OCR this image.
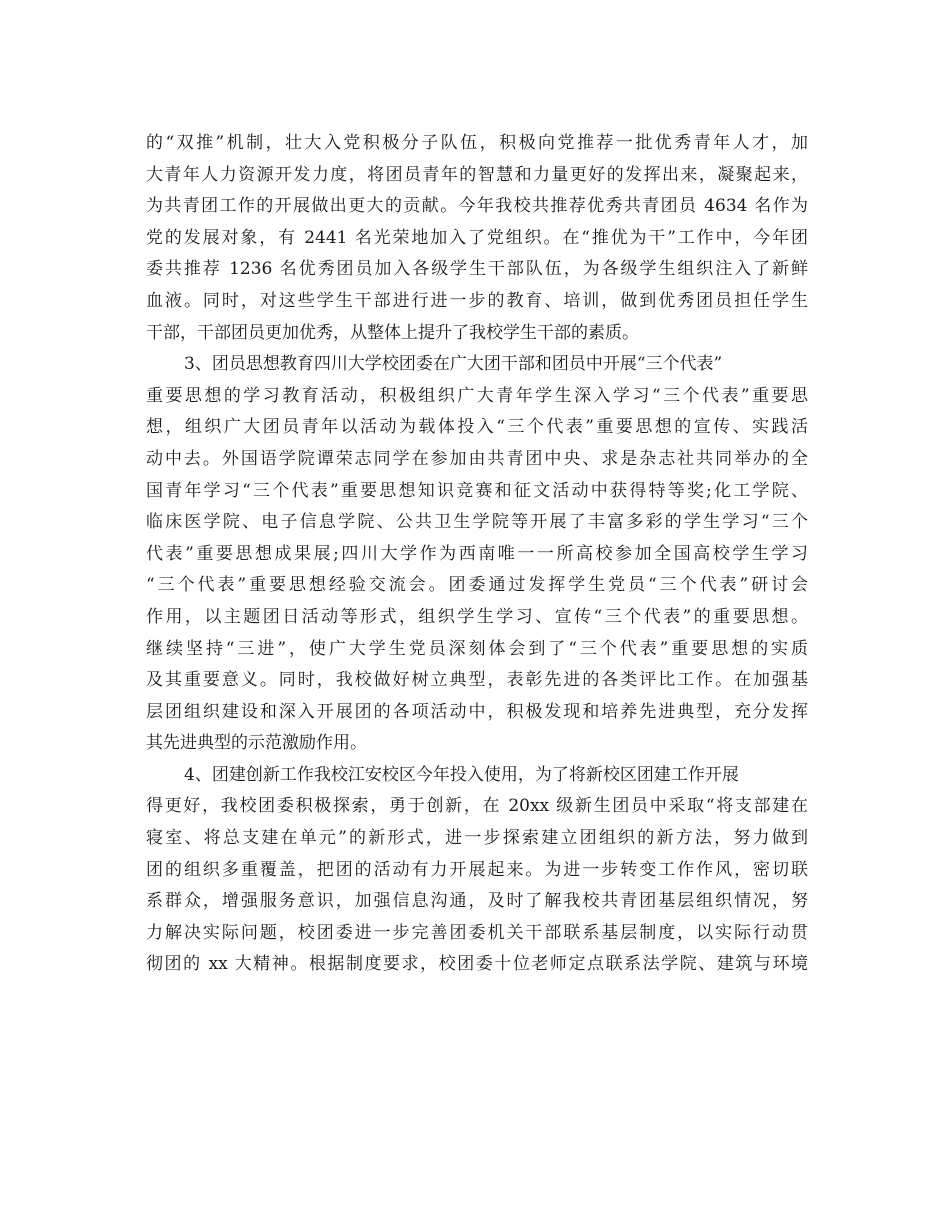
的“双推”机制，壮大入党积极分子队伍，积极向党推荐一批优秀青年人才，加
大青年人力资源开发力度，将团员青年的智慧和力量更好的发挥出来，凝聚起来，
为共青团工作的开展做出更大的贡献。今年我校共推荐优秀共青团员 4634 名作为
党的发展对象，有 2441 名光荣地加入了党组织。在“推优为干”工作中，今年团
委共推荐 1236 名优秀团员加入各级学生干部队伍，为各级学生组织注入了新鲜
血液。同时，对这些学生干部进行进一步的教育、培训，做到优秀团员担任学生
干部，干部团员更加优秀，从整体上提升了我校学生干部的素质。
3、团员思想教育四川大学校团委在广大团干部和团员中开展“三个代表”
重要思想的学习教育活动，积极组织广大青年学生深入学习“三个代表”重要思
想，组织广大团员青年以活动为载体投入“三个代表”重要思想的宣传、实践活
动中去。外国语学院谭荣志同学在参加由共青团中央、求是杂志社共同举办的全
国青年学习“三个代表”重要思想知识竞赛和征文活动中获得特等奖;化工学院、
临床医学院、电子信息学院、公共卫生学院等开展了丰富多彩的学生学习“三个
代表”重要思想成果展;四川大学作为西南唯一一所高校参加全国高校学生学习
“三个代表”重要思想经验交流会。团委通过发挥学生党员“三个代表”研讨会
作用，以主题团日活动等形式，组织学生学习、宣传“三个代表”的重要思想。
继续坚持“三进”，使广大学生党员深刻体会到了“三个代表”重要思想的实质
及其重要意义。同时，我校做好树立典型，表彰先进的各类评比工作。在加强基
层团组织建设和深入开展团的各项活动中，积极发现和培养先进典型，充分发挥
其先进典型的示范激励作用。
4、团建创新工作我校江安校区今年投入使用，为了将新校区团建工作开展
得更好，我校团委积极探索，勇于创新，在 20xx 级新生团员中采取“将支部建在
寝室、将总支建在单元”的新形式，进一步探索建立团组织的新方法，努力做到
团的组织多重覆盖，把团的活动有力开展起来。为进一步转变工作作风，密切联
系群众，增强服务意识，加强信息沟通，及时了解我校共青团基层组织情况，努
力解决实际问题，校团委进一步完善团委机关干部联系基层制度，以实际行动贯
彻团的 xx 大精神。根据制度要求，校团委十位老师定点联系法学院、建筑与环境
